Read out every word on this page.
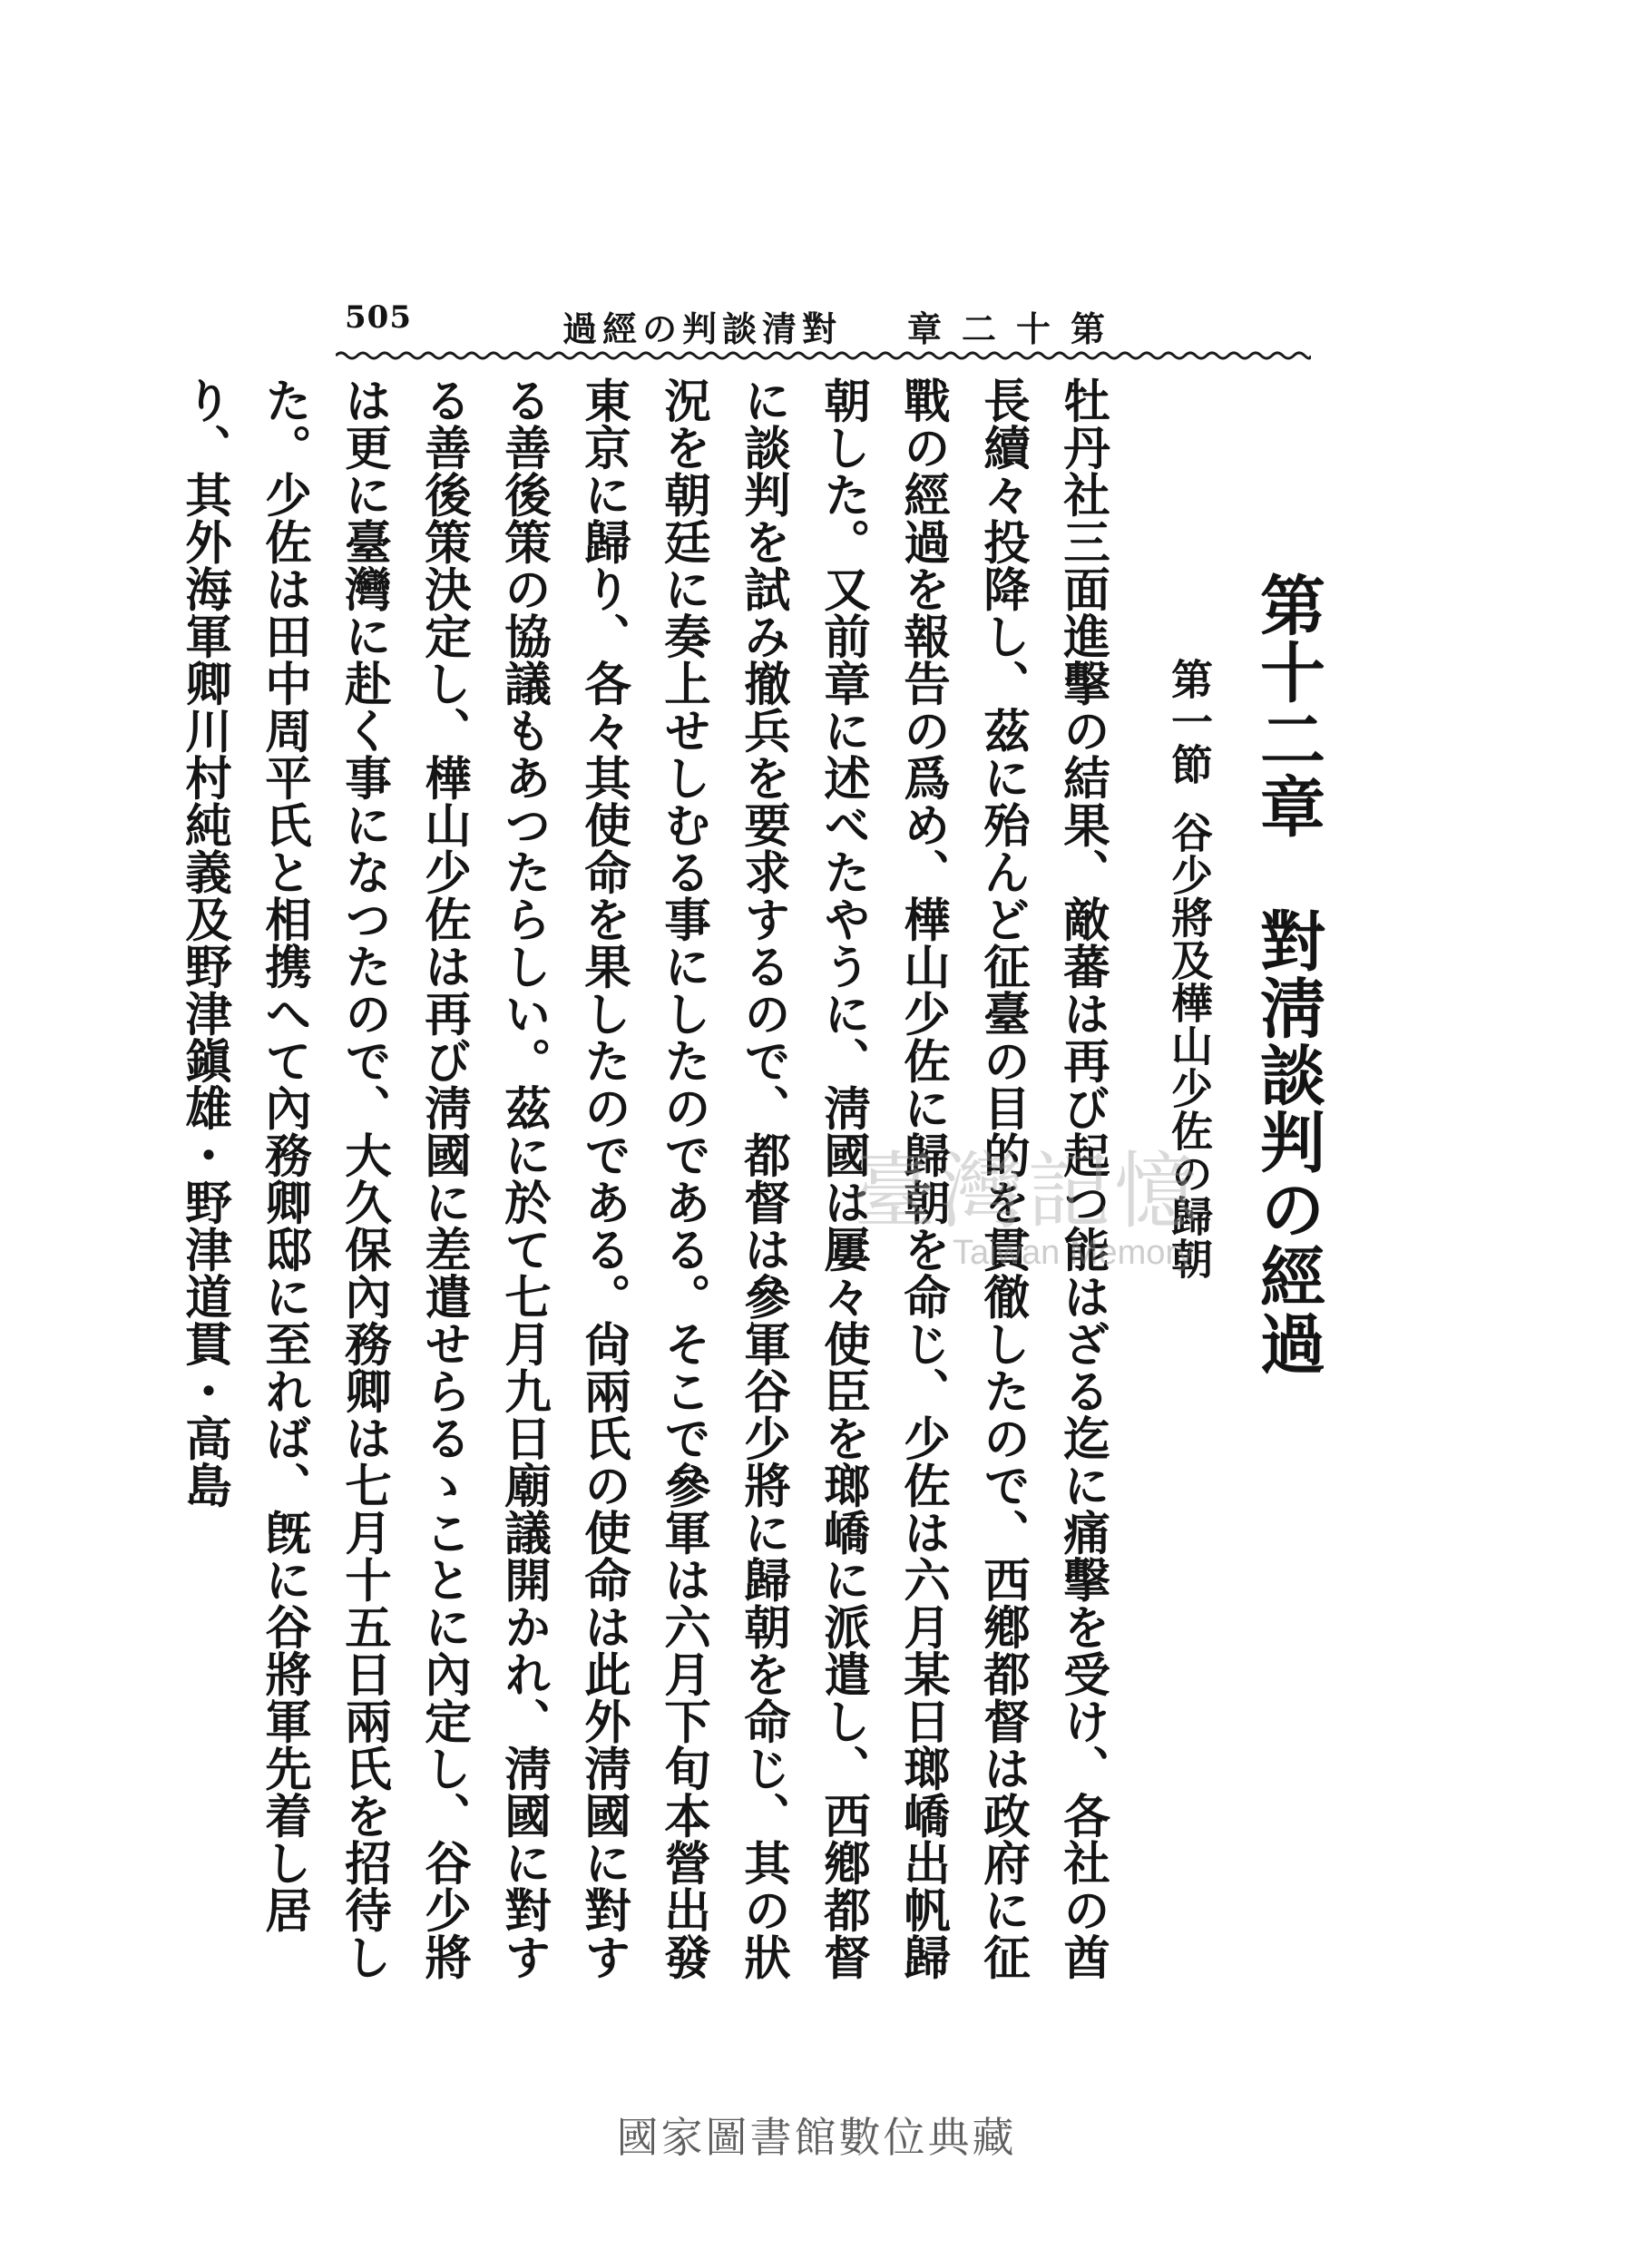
505	對清談判の經過 第十二章
第十二章　對淸談判の經過
第一節谷少將及樺山少佐の歸朝

牡丹社三面進擊の結果、敵蕃は再び起つ能はざる迄に痛擊を受け、各社の酋長續々投降し、茲に殆んど征臺の目的を貫徹したので、西鄕都督は政府に征戰の經過を報告の爲め、樺山少佐に歸朝を命じ、少佐は六月某日瑯嶠出帆歸朝した。又前章に述べたやうに、淸國は屢々使臣を瑯嶠に派遣し、西鄕都督に談判を試み撤兵を要求するので、都督は參軍谷少將に歸朝を命じ、其の狀況を朝廷に奏上せしむる事にしたのである。そこで參軍は六月下旬本營出發東京に歸り、各々其使命を果したのである。尙兩氏の使命は此外淸國に對する善後策の協議もあつたらしい。茲に於て七月九日廟議開かれ、淸國に對する善後策決定し、樺山少佐は再び淸國に差遣せらるゝことに內定し、谷少將は更に臺灣に赴く事になつたので、大久保內務卿は七月十五日兩氏を招待した。少佐は田中周平氏と相携へて內務卿邸に至れば、旣に谷將軍先着し居り、其外海軍卿川村純義及野津鎭雄・野津道貫・高島	臺灣記憶
Taiwan Memory
國家圖書館數位典藏
